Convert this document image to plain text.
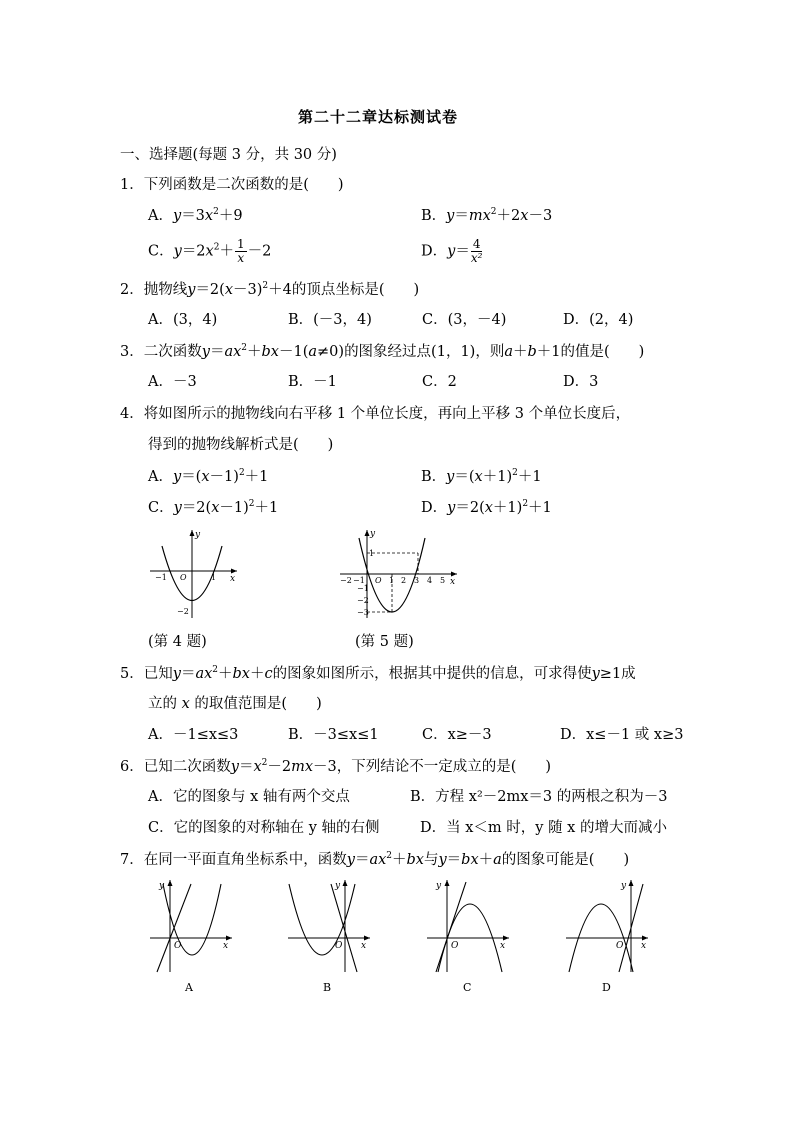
第二十二章达标测试卷
一、选择题(每题 3 分，共 30 分)
1．下列函数是二次函数的是(　　)
A．$y=3x^2+9$	B．$y=mx^2+2x-3$
C．$y=2x^2+ \frac{1}{x} -2$	D．$y= \frac{4}{\text{x²}}$
2．抛物线$y=2(x-3)^2+4$的顶点坐标是(　　)
A．(3，4)	B．(－3，4)	C．(3，－4)	D．(2，4)
3．二次函数$y=ax^2+bx-1(a\ne 0)$的图象经过点(1，1)，则a＋b＋1的值是(　　)
A．－3	B．－1	C．2	D．3
4．将如图所示的抛物线向右平移 1 个单位长度，再向上平移 3 个单位长度后，
得到的抛物线解析式是(　　)
A．$y=(x-1)^2+1$	B．$y=(x+1)^2+1$
C．$y=2(x-1)^2+1$	D．$y=2(x+1)^2+1$
y
x
O
−1	1
−2
y
x
O
−2 −1	1 2 3 4 5
1
−1
−2
−3
(第 4 题)	(第 5 题)
5．已知$y=ax^2+bx+c$的图象如图所示，根据其中提供的信息，可求得使y≥1成
立的 x 的取值范围是(　　)
A．－1≤x≤3	B．－3≤x≤1	C．x≥－3	D．x≤－1 或 x≥3
6．已知二次函数$y=x^2-2mx-3$，下列结论不一定成立的是(　　)
A．它的图象与 x 轴有两个交点	B．方程 x²－2mx＝3 的两根之积为－3
C．它的图象的对称轴在 y 轴的右侧	D．当 x＜m 时，y 随 x 的增大而减小
7．在同一平面直角坐标系中，函数$y=ax^2+bx$与y＝bx＋a的图象可能是(　　)
y
x
O
y
x
O
y
x
O
y
x
O
A	B	C	D
